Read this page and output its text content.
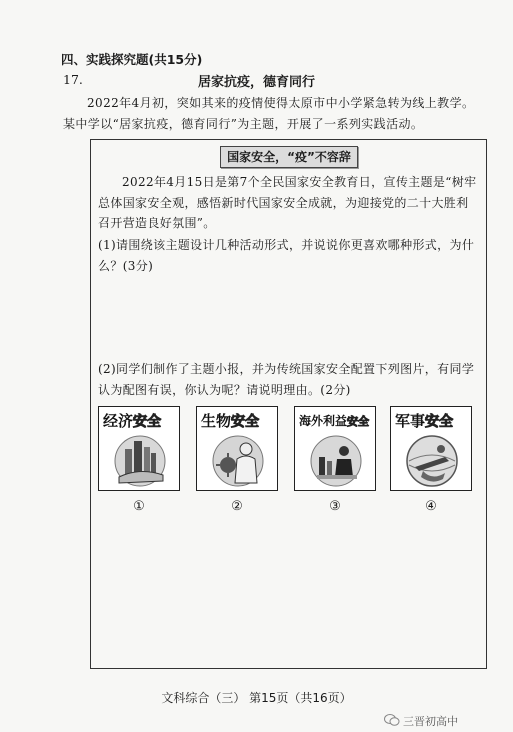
四、实践探究题(共15分)
17.	居家抗疫，德育同行
2022年4月初，突如其来的疫情使得太原市中小学紧急转为线上教学。某中学以“居家抗疫，德育同行”为主题，开展了一系列实践活动。
国家安全，“疫”不容辞
2022年4月15日是第7个全民国家安全教育日，宣传主题是“树牢总体国家安全观，感悟新时代国家安全成就，为迎接党的二十大胜利召开营造良好氛围”。
(1)请围绕该主题设计几种活动形式，并说说你更喜欢哪种形式，为什么？(3分)
(2)同学们制作了主题小报，并为传统国家安全配置下列图片，有同学认为配图有误，你认为呢？请说明理由。(2分)
经济安全	生物安全	海外利益安全 军事安全
①	②	③	④
文科综合（三） 第15页（共16页）
三晋初高中
